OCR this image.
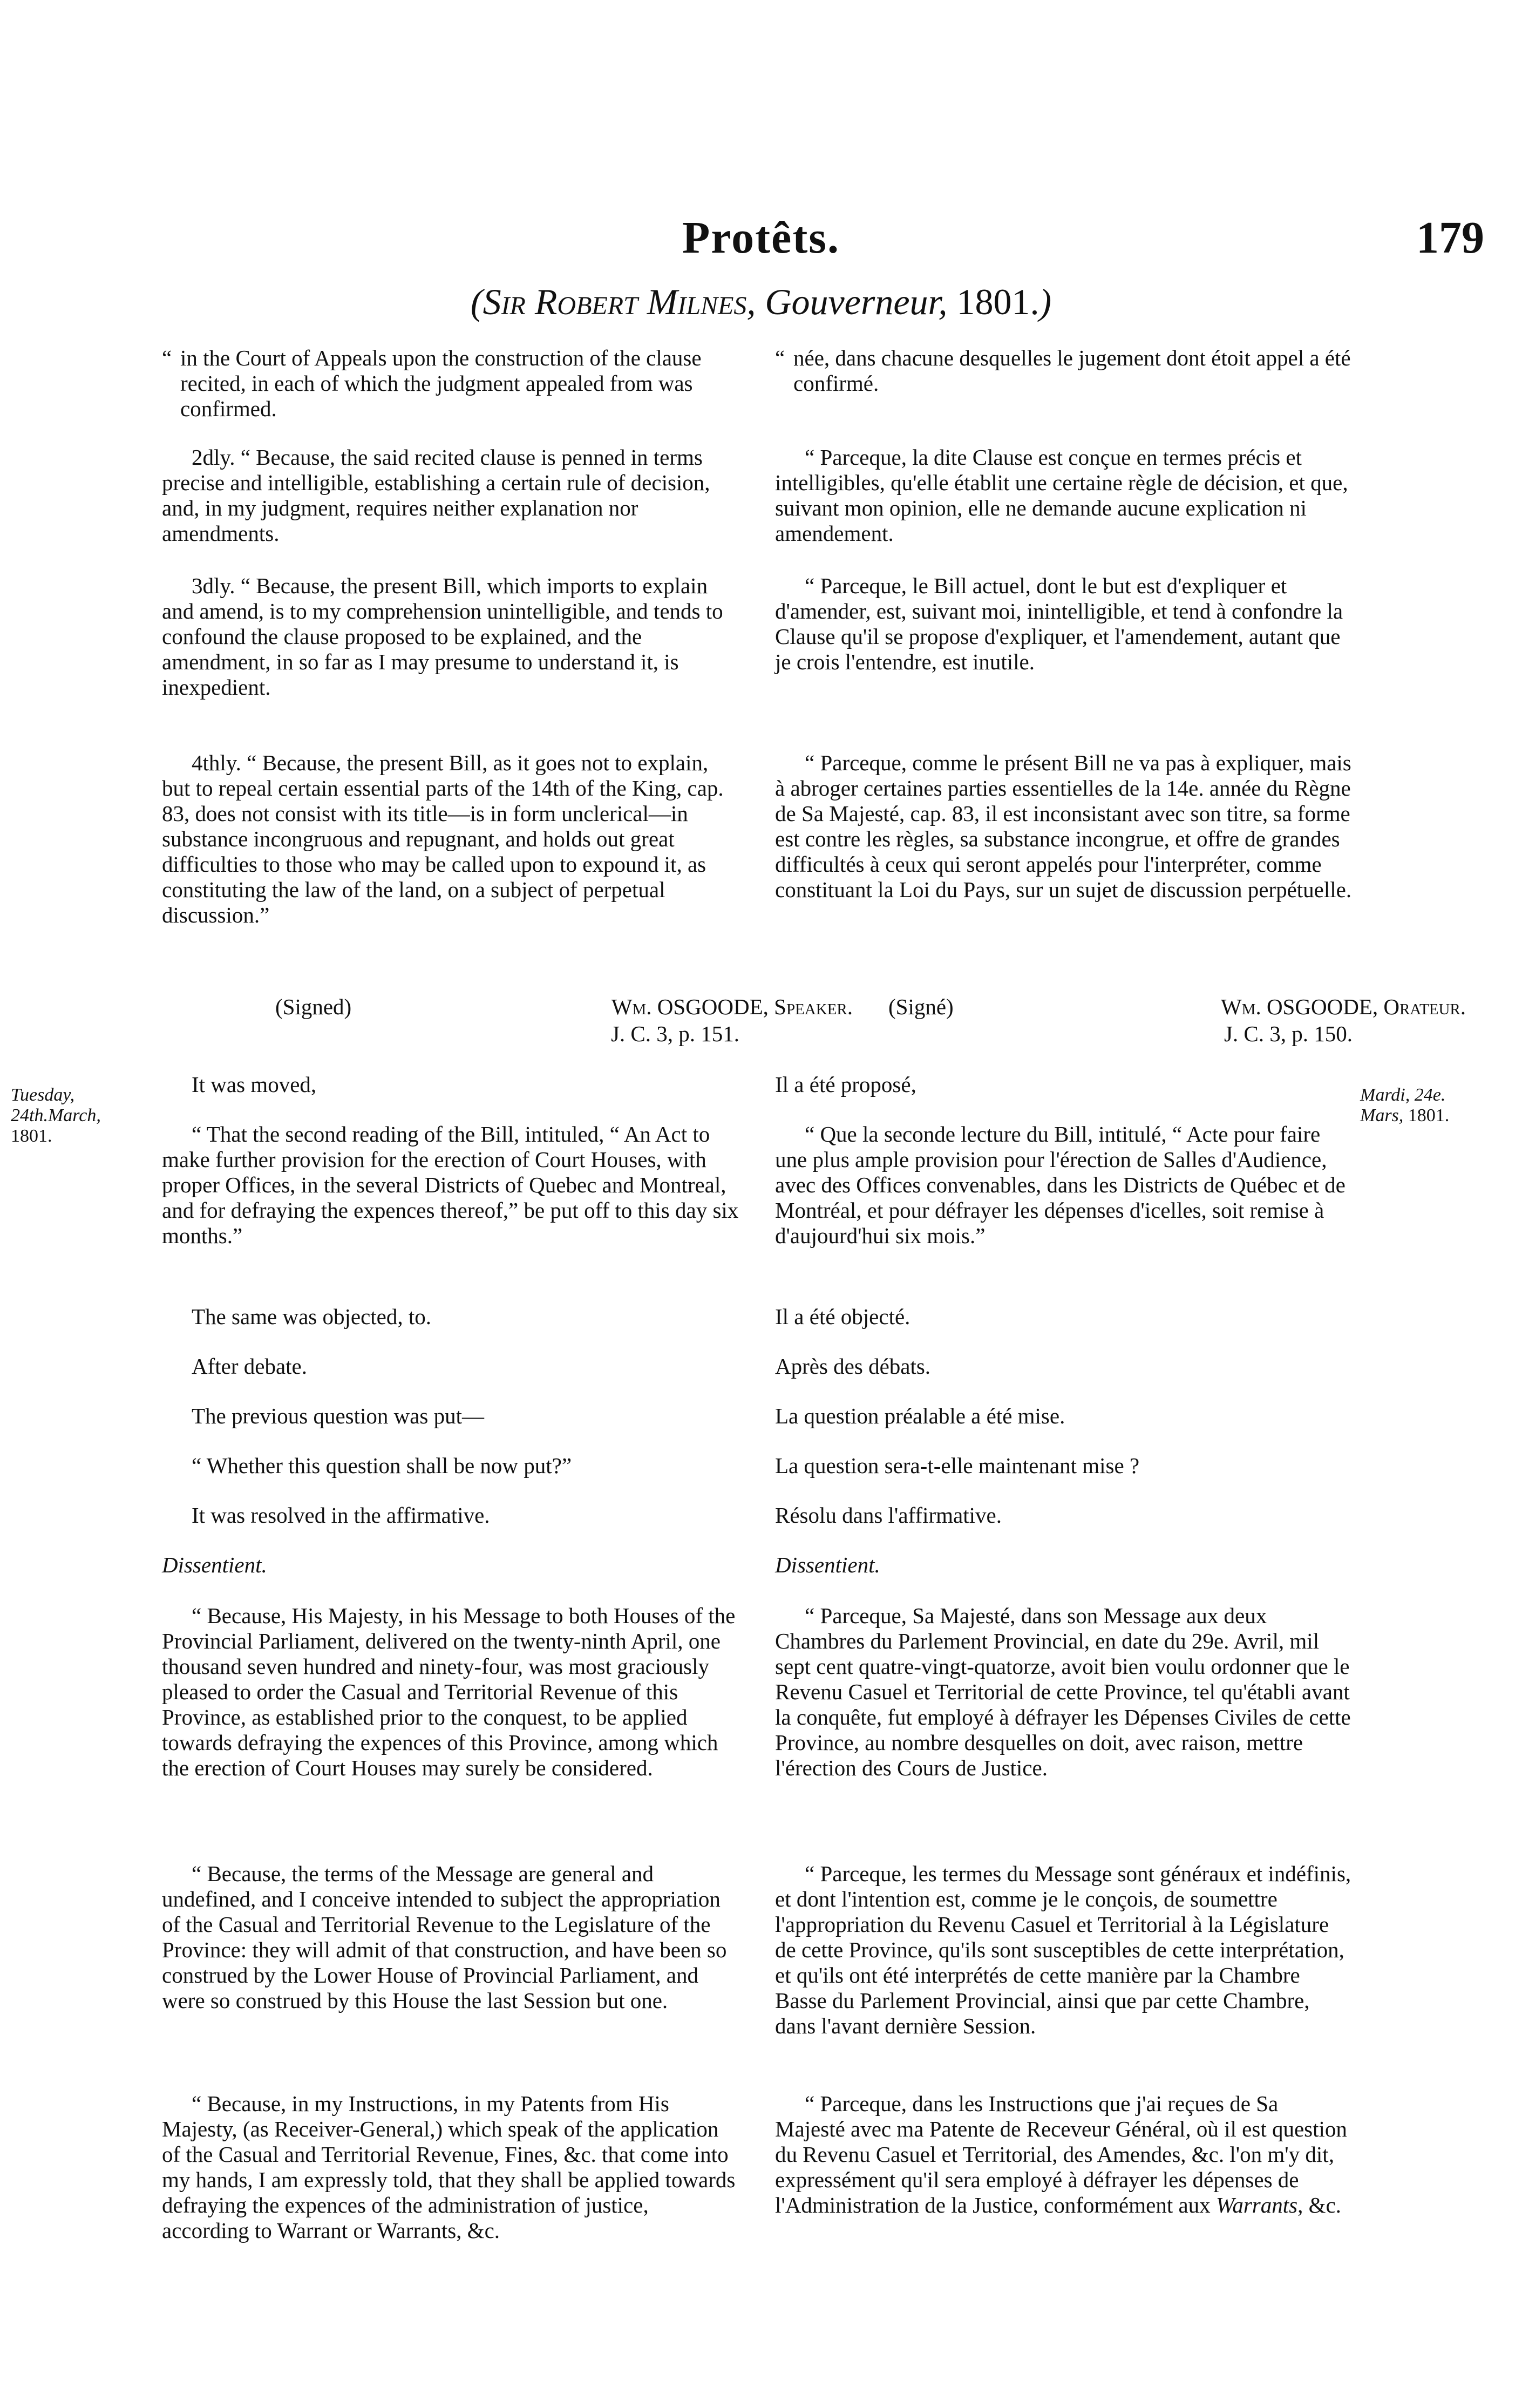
Protêts.	179
(Sir Robert Milnes, Gouverneur, 1801.)
Tuesday,
24th.March,
1801.
Mardi, 24e.
Mars, 1801.
“ in the Court of Appeals upon the construction of the clause recited, in each of which the judgment appealed from was confirmed.
2dly. “ Because, the said recited clause is penned in terms precise and intelligible, establishing a certain rule of decision, and, in my judgment, requires neither explanation nor amendments.
3dly. “ Because, the present Bill, which imports to explain and amend, is to my comprehension unintelligible, and tends to confound the clause proposed to be explained, and the amendment, in so far as I may presume to understand it, is inexpedient.
4thly. “ Because, the present Bill, as it goes not to explain, but to repeal certain essential parts of the 14th of the King, cap. 83, does not consist with its title—is in form unclerical—in substance incongruous and repugnant, and holds out great difficulties to those who may be called upon to expound it, as constituting the law of the land, on a subject of perpetual discussion.”
(Signed)	Wm. OSGOODE, Speaker.
J. C. 3, p. 151.
It was moved,
“ That the second reading of the Bill, intituled, “ An Act to make further provision for the erection of Court Houses, with proper Offices, in the several Districts of Quebec and Montreal, and for defraying the expences thereof,” be put off to this day six months.”
The same was objected, to.
After debate.
The previous question was put—
“ Whether this question shall be now put?”
It was resolved in the affirmative.
Dissentient.
“ Because, His Majesty, in his Message to both Houses of the Provincial Parliament, delivered on the twenty-ninth April, one thousand seven hundred and ninety-four, was most graciously pleased to order the Casual and Territorial Revenue of this Province, as established prior to the conquest, to be applied towards defraying the expences of this Province, among which the erection of Court Houses may surely be considered.
“ Because, the terms of the Message are general and undefined, and I conceive intended to subject the appropriation of the Casual and Territorial Revenue to the Legislature of the Province: they will admit of that construction, and have been so construed by the Lower House of Provincial Parliament, and were so construed by this House the last Session but one.
“ Because, in my Instructions, in my Patents from His Majesty, (as Receiver-General,) which speak of the application of the Casual and Territorial Revenue, Fines, &c. that come into my hands, I am expressly told, that they shall be applied towards defraying the expences of the administration of justice, according to Warrant or Warrants, &c.
“ née, dans chacune desquelles le jugement dont étoit appel a été confirmé.
“ Parceque, la dite Clause est conçue en termes précis et intelligibles, qu'elle établit une certaine règle de décision, et que, suivant mon opinion, elle ne demande aucune explication ni amendement.
“ Parceque, le Bill actuel, dont le but est d'expliquer et d'amender, est, suivant moi, inintelligible, et tend à confondre la Clause qu'il se propose d'expliquer, et l'amendement, autant que je crois l'entendre, est inutile.
“ Parceque, comme le présent Bill ne va pas à expliquer, mais à abroger certaines parties essentielles de la 14e. année du Règne de Sa Majesté, cap. 83, il est inconsistant avec son titre, sa forme est contre les règles, sa substance incongrue, et offre de grandes difficultés à ceux qui seront appelés pour l'interpréter, comme constituant la Loi du Pays, sur un sujet de discussion perpétuelle.
(Signé)	Wm. OSGOODE, Orateur.
J. C. 3, p. 150.
Il a été proposé,
“ Que la seconde lecture du Bill, intitulé, “ Acte pour faire une plus ample provision pour l'érection de Salles d'Audience, avec des Offices convenables, dans les Districts de Québec et de Montréal, et pour défrayer les dépenses d'icelles, soit remise à d'aujourd'hui six mois.”
Il a été objecté.
Après des débats.
La question préalable a été mise.
La question sera-t-elle maintenant mise ?
Résolu dans l'affirmative.
Dissentient.
“ Parceque, Sa Majesté, dans son Message aux deux Chambres du Parlement Provincial, en date du 29e. Avril, mil sept cent quatre-vingt-quatorze, avoit bien voulu ordonner que le Revenu Casuel et Territorial de cette Province, tel qu'établi avant la conquête, fut employé à défrayer les Dépenses Civiles de cette Province, au nombre desquelles on doit, avec raison, mettre l'érection des Cours de Justice.
“ Parceque, les termes du Message sont généraux et indéfinis, et dont l'intention est, comme je le conçois, de soumettre l'appropriation du Revenu Casuel et Territorial à la Législature de cette Province, qu'ils sont susceptibles de cette interprétation, et qu'ils ont été interprétés de cette manière par la Chambre Basse du Parlement Provincial, ainsi que par cette Chambre, dans l'avant dernière Session.
“ Parceque, dans les Instructions que j'ai reçues de Sa Majesté avec ma Patente de Receveur Général, où il est question du Revenu Casuel et Territorial, des Amendes, &c. l'on m'y dit, expressément qu'il sera employé à défrayer les dépenses de l'Administration de la Justice, conformément aux Warrants, &c.
